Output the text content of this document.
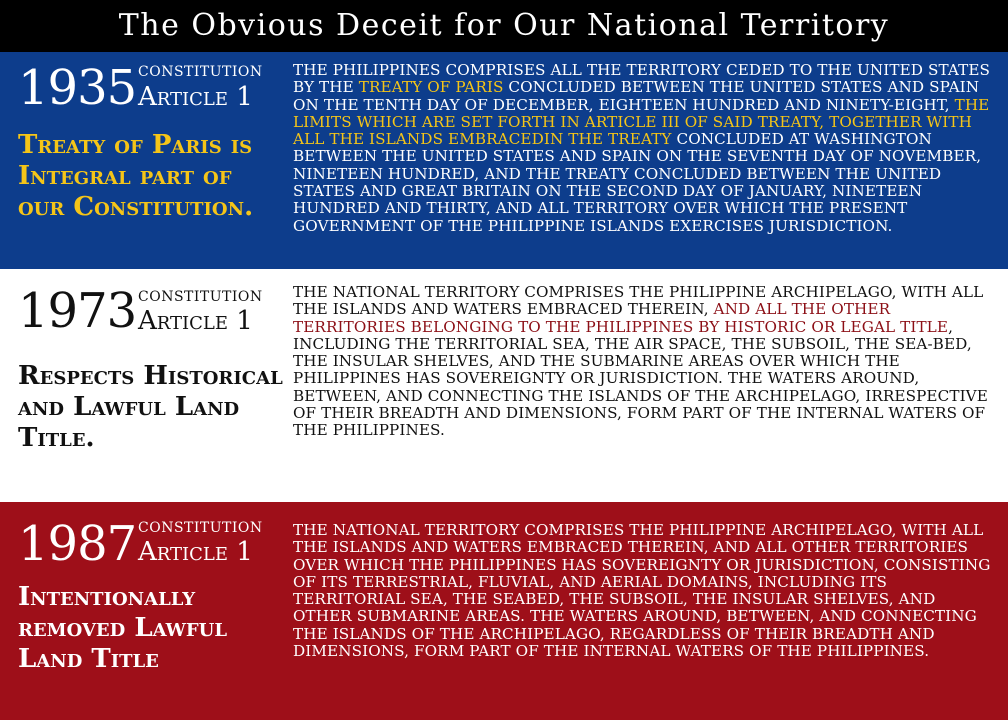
The Obvious Deceit for Our National Territory
1935 CONSTITUTION
Article 1
Treaty of Paris is Integral part of our Constitution.
THE PHILIPPINES COMPRISES ALL THE TERRITORY CEDED TO THE UNITED STATES BY THE TREATY OF PARIS CONCLUDED BETWEEN THE UNITED STATES AND SPAIN ON THE TENTH DAY OF DECEMBER, EIGHTEEN HUNDRED AND NINETY-EIGHT, THE LIMITS WHICH ARE SET FORTH IN ARTICLE III OF SAID TREATY, TOGETHER WITH ALL THE ISLANDS EMBRACEDIN THE TREATY CONCLUDED AT WASHINGTON BETWEEN THE UNITED STATES AND SPAIN ON THE SEVENTH DAY OF NOVEMBER, NINETEEN HUNDRED, AND THE TREATY CONCLUDED BETWEEN THE UNITED STATES AND GREAT BRITAIN ON THE SECOND DAY OF JANUARY, NINETEEN HUNDRED AND THIRTY, AND ALL TERRITORY OVER WHICH THE PRESENT GOVERNMENT OF THE PHILIPPINE ISLANDS EXERCISES JURISDICTION.
1973 CONSTITUTION
Article 1
Respects Historical and Lawful Land Title.
THE NATIONAL TERRITORY COMPRISES THE PHILIPPINE ARCHIPELAGO, WITH ALL THE ISLANDS AND WATERS EMBRACED THEREIN, AND ALL THE OTHER TERRITORIES BELONGING TO THE PHILIPPINES BY HISTORIC OR LEGAL TITLE, INCLUDING THE TERRITORIAL SEA, THE AIR SPACE, THE SUBSOIL, THE SEA-BED, THE INSULAR SHELVES, AND THE SUBMARINE AREAS OVER WHICH THE PHILIPPINES HAS SOVEREIGNTY OR JURISDICTION. THE WATERS AROUND, BETWEEN, AND CONNECTING THE ISLANDS OF THE ARCHIPELAGO, IRRESPECTIVE OF THEIR BREADTH AND DIMENSIONS, FORM PART OF THE INTERNAL WATERS OF THE PHILIPPINES.
1987 CONSTITUTION
Article 1
Intentionally removed Lawful Land Title
THE NATIONAL TERRITORY COMPRISES THE PHILIPPINE ARCHIPELAGO, WITH ALL THE ISLANDS AND WATERS EMBRACED THEREIN, AND ALL OTHER TERRITORIES OVER WHICH THE PHILIPPINES HAS SOVEREIGNTY OR JURISDICTION, CONSISTING OF ITS TERRESTRIAL, FLUVIAL, AND AERIAL DOMAINS, INCLUDING ITS TERRITORIAL SEA, THE SEABED, THE SUBSOIL, THE INSULAR SHELVES, AND OTHER SUBMARINE AREAS. THE WATERS AROUND, BETWEEN, AND CONNECTING THE ISLANDS OF THE ARCHIPELAGO, REGARDLESS OF THEIR BREADTH AND DIMENSIONS, FORM PART OF THE INTERNAL WATERS OF THE PHILIPPINES.
